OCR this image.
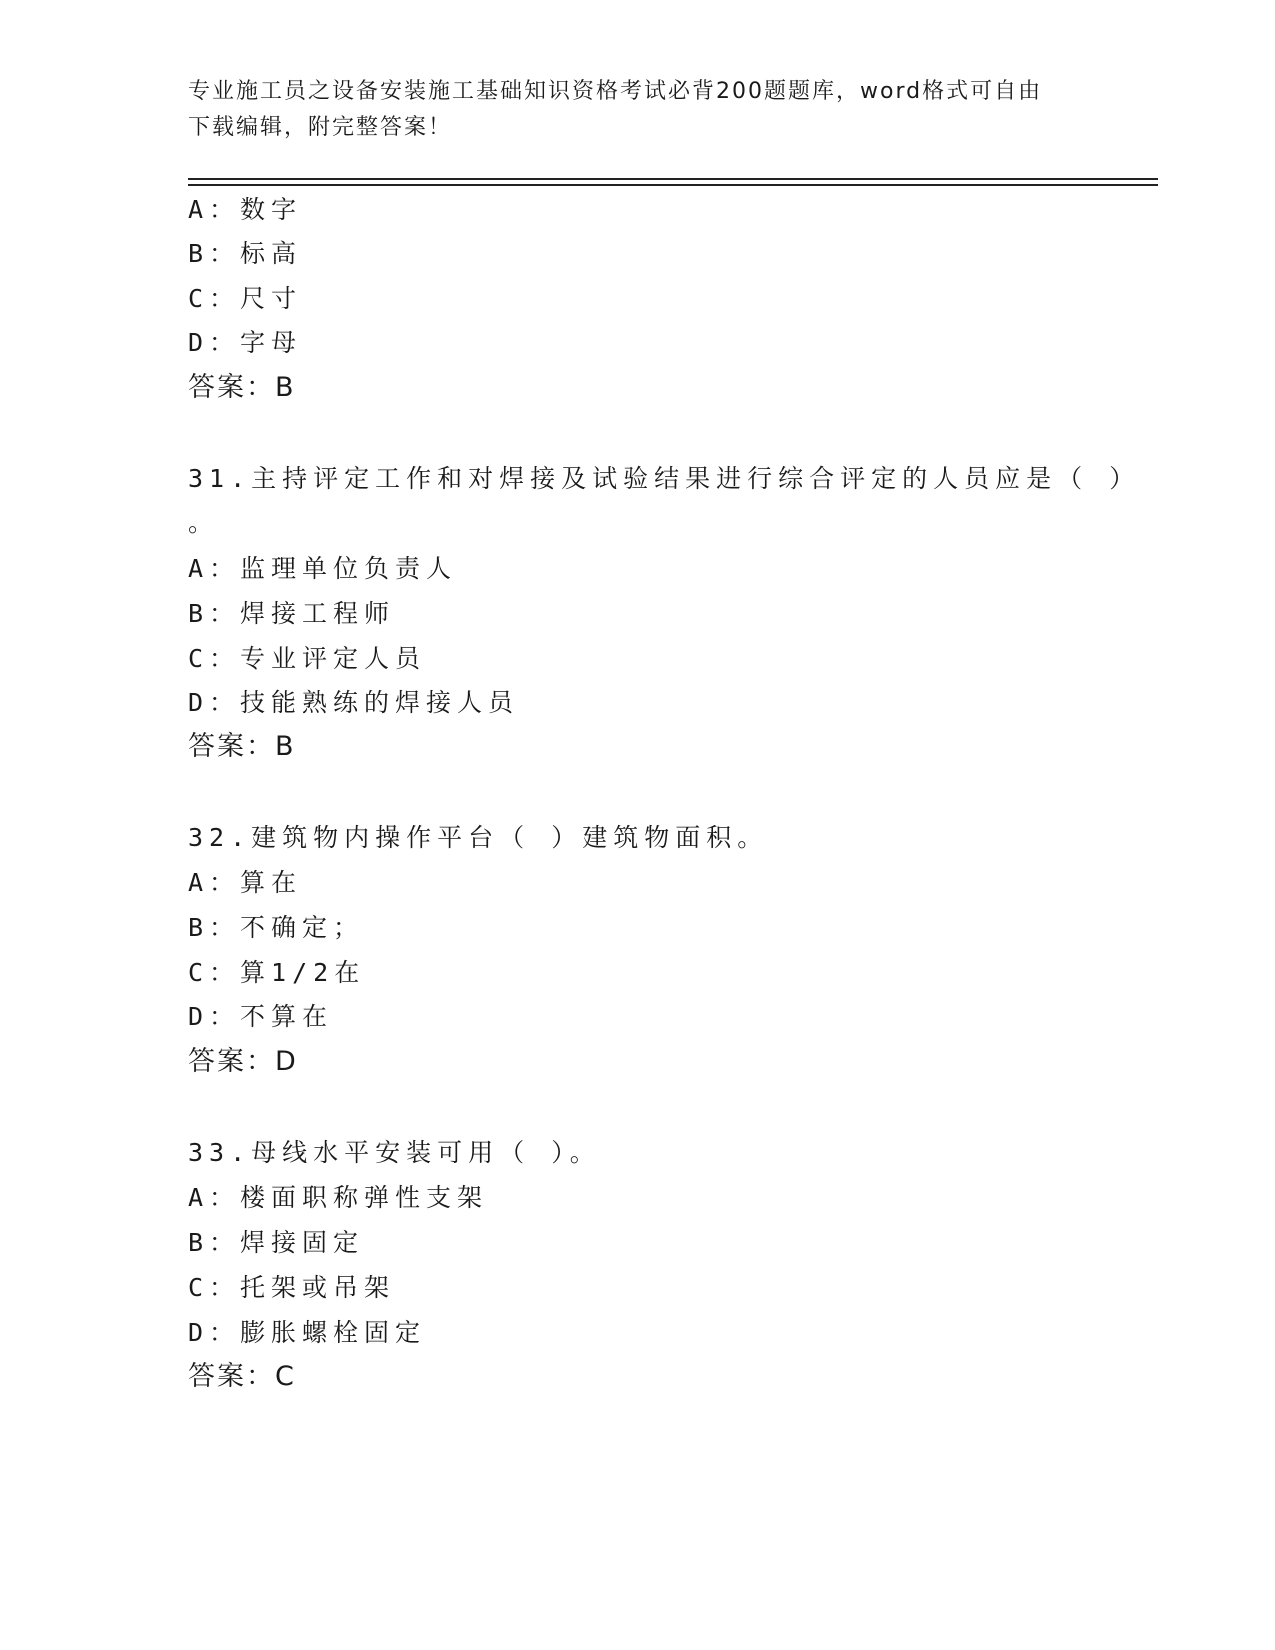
专业施工员之设备安装施工基础知识资格考试必背200题题库，word格式可自由
下载编辑，附完整答案！
A：数字
B：标高
C：尺寸
D：字母
答案：B
31.主持评定工作和对焊接及试验结果进行综合评定的人员应是（ ）
。
A：监理单位负责人
B：焊接工程师
C：专业评定人员
D：技能熟练的焊接人员
答案：B
32.建筑物内操作平台（ ）建筑物面积。
A：算在
B：不确定；
C：算1/2在
D：不算在
答案：D
33.母线水平安装可用（ ）。
A：楼面职称弹性支架
B：焊接固定
C：托架或吊架
D：膨胀螺栓固定
答案：C
